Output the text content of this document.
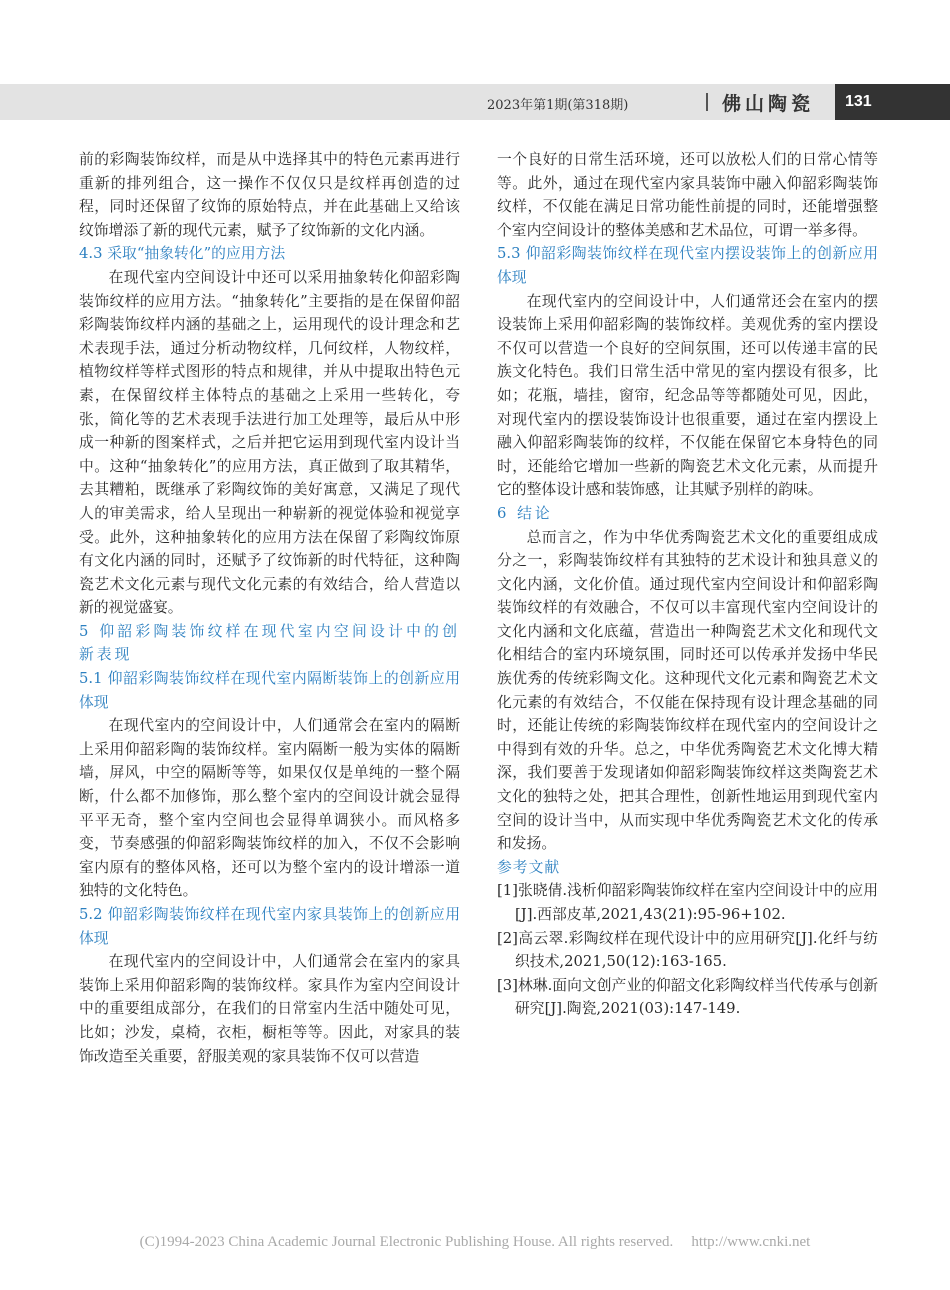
2023年第1期(第318期)	佛山陶瓷	131

前的彩陶装饰纹样，而是从中选择其中的特色元素再进行重新的排列组合，这一操作不仅仅只是纹样再创造的过程，同时还保留了纹饰的原始特点，并在此基础上又给该纹饰增添了新的现代元素，赋予了纹饰新的文化内涵。

4.3 采取“抽象转化”的应用方法

在现代室内空间设计中还可以采用抽象转化仰韶彩陶装饰纹样的应用方法。“抽象转化”主要指的是在保留仰韶彩陶装饰纹样内涵的基础之上，运用现代的设计理念和艺术表现手法，通过分析动物纹样，几何纹样，人物纹样，植物纹样等样式图形的特点和规律，并从中提取出特色元素，在保留纹样主体特点的基础之上采用一些转化，夸张，简化等的艺术表现手法进行加工处理等，最后从中形成一种新的图案样式，之后并把它运用到现代室内设计当中。这种“抽象转化”的应用方法，真正做到了取其精华，去其糟粕，既继承了彩陶纹饰的美好寓意，又满足了现代人的审美需求，给人呈现出一种崭新的视觉体验和视觉享受。此外，这种抽象转化的应用方法在保留了彩陶纹饰原有文化内涵的同时，还赋予了纹饰新的时代特征，这种陶瓷艺术文化元素与现代文化元素的有效结合，给人营造以新的视觉盛宴。

5 仰韶彩陶装饰纹样在现代室内空间设计中的创新表现

5.1 仰韶彩陶装饰纹样在现代室内隔断装饰上的创新应用体现

在现代室内的空间设计中，人们通常会在室内的隔断上采用仰韶彩陶的装饰纹样。室内隔断一般为实体的隔断墙，屏风，中空的隔断等等，如果仅仅是单纯的一整个隔断，什么都不加修饰，那么整个室内的空间设计就会显得平平无奇，整个室内空间也会显得单调狭小。而风格多变，节奏感强的仰韶彩陶装饰纹样的加入，不仅不会影响室内原有的整体风格，还可以为整个室内的设计增添一道独特的文化特色。

5.2 仰韶彩陶装饰纹样在现代室内家具装饰上的创新应用体现

在现代室内的空间设计中，人们通常会在室内的家具装饰上采用仰韶彩陶的装饰纹样。家具作为室内空间设计中的重要组成部分，在我们的日常室内生活中随处可见，比如；沙发，桌椅，衣柜，橱柜等等。因此，对家具的装饰改造至关重要，舒服美观的家具装饰不仅可以营造

一个良好的日常生活环境，还可以放松人们的日常心情等等。此外，通过在现代室内家具装饰中融入仰韶彩陶装饰纹样，不仅能在满足日常功能性前提的同时，还能增强整个室内空间设计的整体美感和艺术品位，可谓一举多得。

5.3 仰韶彩陶装饰纹样在现代室内摆设装饰上的创新应用体现

在现代室内的空间设计中，人们通常还会在室内的摆设装饰上采用仰韶彩陶的装饰纹样。美观优秀的室内摆设不仅可以营造一个良好的空间氛围，还可以传递丰富的民族文化特色。我们日常生活中常见的室内摆设有很多，比如；花瓶，墙挂，窗帘，纪念品等等都随处可见，因此，对现代室内的摆设装饰设计也很重要，通过在室内摆设上融入仰韶彩陶装饰的纹样，不仅能在保留它本身特色的同时，还能给它增加一些新的陶瓷艺术文化元素，从而提升它的整体设计感和装饰感，让其赋予别样的韵味。

6 结论

总而言之，作为中华优秀陶瓷艺术文化的重要组成成分之一，彩陶装饰纹样有其独特的艺术设计和独具意义的文化内涵，文化价值。通过现代室内空间设计和仰韶彩陶装饰纹样的有效融合，不仅可以丰富现代室内空间设计的文化内涵和文化底蕴，营造出一种陶瓷艺术文化和现代文化相结合的室内环境氛围，同时还可以传承并发扬中华民族优秀的传统彩陶文化。这种现代文化元素和陶瓷艺术文化元素的有效结合，不仅能在保持现有设计理念基础的同时，还能让传统的彩陶装饰纹样在现代室内的空间设计之中得到有效的升华。总之，中华优秀陶瓷艺术文化博大精深，我们要善于发现诸如仰韶彩陶装饰纹样这类陶瓷艺术文化的独特之处，把其合理性，创新性地运用到现代室内空间的设计当中，从而实现中华优秀陶瓷艺术文化的传承和发扬。

参考文献

[1]张晓倩.浅析仰韶彩陶装饰纹样在室内空间设计中的应用[J].西部皮革,2021,43(21):95-96+102.

[2]高云翠.彩陶纹样在现代设计中的应用研究[J].化纤与纺织技术,2021,50(12):163-165.

[3]林琳.面向文创产业的仰韶文化彩陶纹样当代传承与创新研究[J].陶瓷,2021(03):147-149.

(C)1994-2023 China Academic Journal Electronic Publishing House. All rights reserved. http://www.cnki.net
